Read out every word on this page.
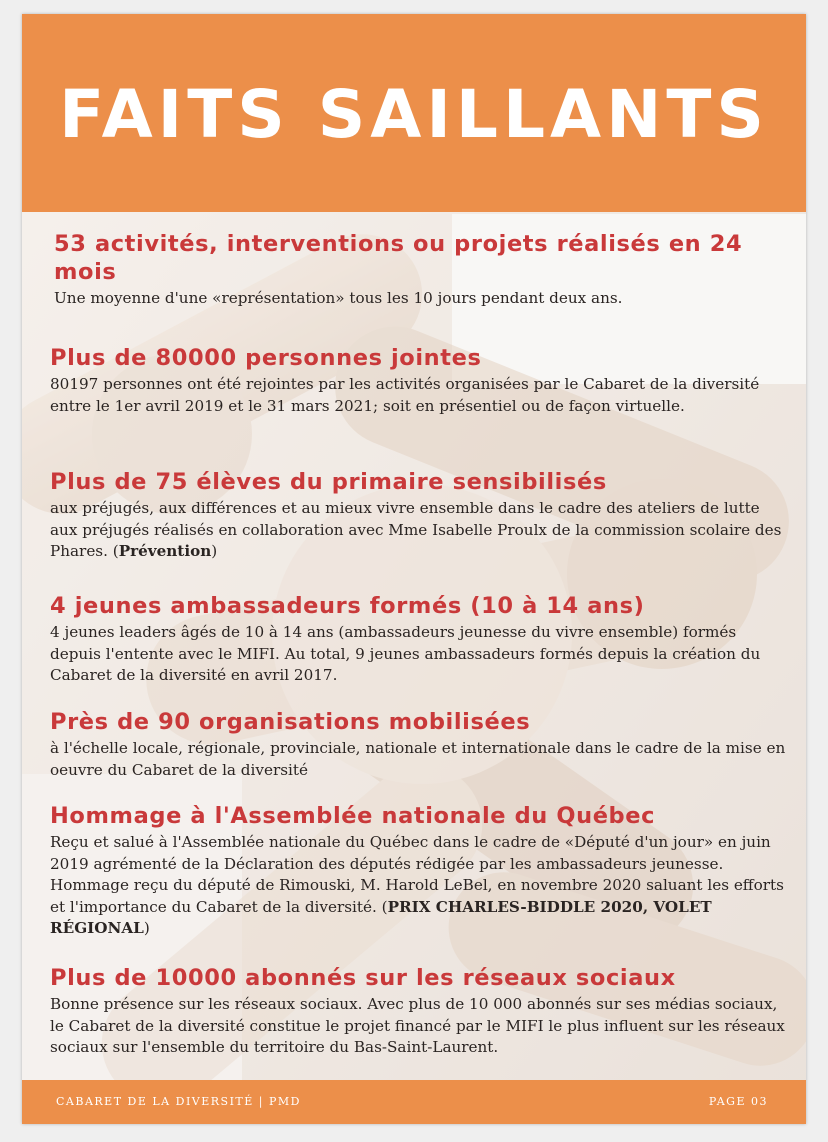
FAITS SAILLANTS
53 activités, interventions ou projets réalisés en 24 mois

Une moyenne d'une «représentation» tous les 10 jours pendant deux ans.

Plus de 80000 personnes jointes

80197 personnes ont été rejointes par les activités organisées par le Cabaret de la diversité entre le 1er avril 2019 et le 31 mars 2021; soit en présentiel ou de façon virtuelle.

Plus de 75 élèves du primaire sensibilisés

aux préjugés, aux différences et au mieux vivre ensemble dans le cadre des ateliers de lutte aux préjugés réalisés en collaboration avec Mme Isabelle Proulx de la commission scolaire des Phares. (Prévention)

4 jeunes ambassadeurs formés (10 à 14 ans)

4 jeunes leaders âgés de 10 à 14 ans (ambassadeurs jeunesse du vivre ensemble) formés depuis l'entente avec le MIFI. Au total, 9 jeunes ambassadeurs formés depuis la création du Cabaret de la diversité en avril 2017.

Près de 90 organisations mobilisées

à l'échelle locale, régionale, provinciale, nationale et internationale dans le cadre de la mise en oeuvre du Cabaret de la diversité

Hommage à l'Assemblée nationale du Québec

Reçu et salué à l'Assemblée nationale du Québec dans le cadre de «Député d'un jour» en juin 2019 agrémenté de la Déclaration des députés rédigée par les ambassadeurs jeunesse. Hommage reçu du député de Rimouski, M. Harold LeBel, en novembre 2020 saluant les efforts et l'importance du Cabaret de la diversité. (PRIX CHARLES-BIDDLE 2020, VOLET RÉGIONAL)

Plus de 10000 abonnés sur les réseaux sociaux

Bonne présence sur les réseaux sociaux. Avec plus de 10 000 abonnés sur ses médias sociaux, le Cabaret de la diversité constitue le projet financé par le MIFI le plus influent sur les réseaux sociaux sur l'ensemble du territoire du Bas-Saint-Laurent.

CABARET DE LA DIVERSITÉ | PMD	PAGE 03
